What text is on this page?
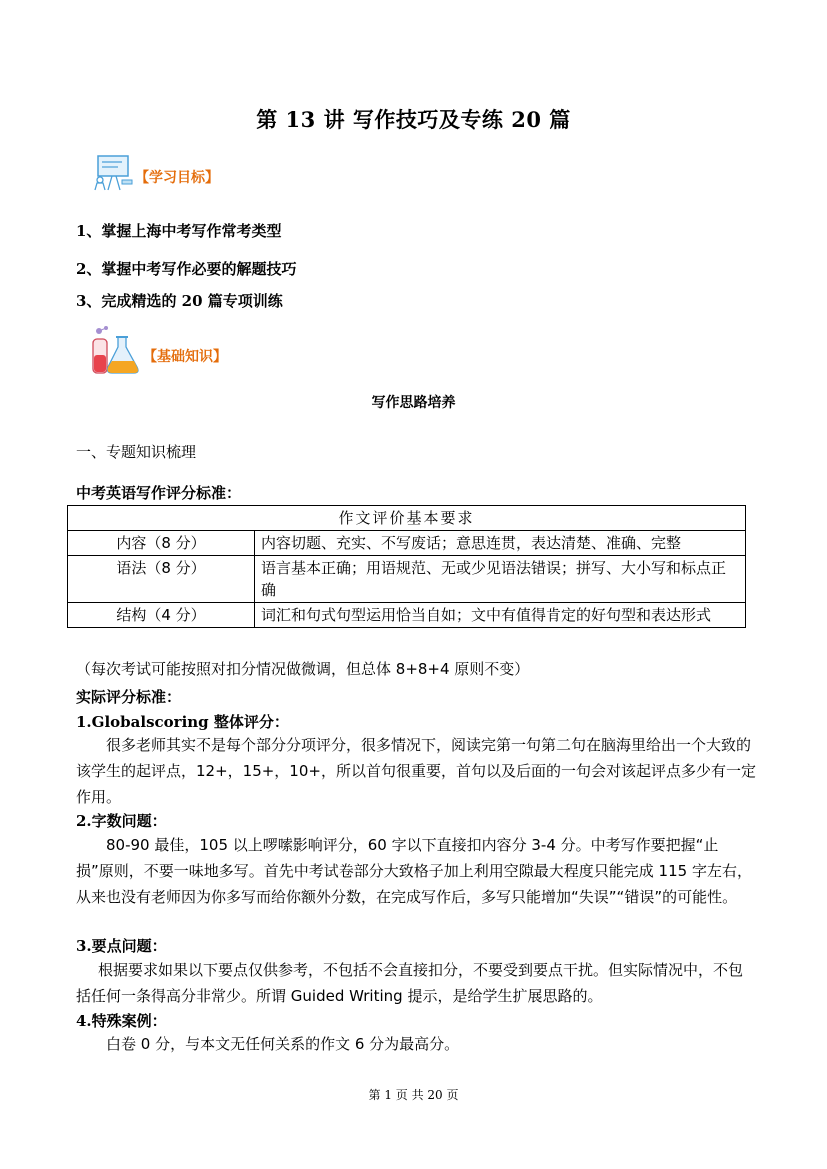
第 13 讲 写作技巧及专练 20 篇
【学习目标】
1、掌握上海中考写作常考类型
2、掌握中考写作必要的解题技巧
3、完成精选的 20 篇专项训练
【基础知识】
写作思路培养
一、专题知识梳理
中考英语写作评分标准：
作文评价基本要求	
内容（8 分）	内容切题、充实、不写废话；意思连贯，表达清楚、准确、完整
语法（8 分）	语言基本正确；用语规范、无或少见语法错误；拼写、大小写和标点正确
结构（4 分）	词汇和句式句型运用恰当自如；文中有值得肯定的好句型和表达形式
（每次考试可能按照对扣分情况做微调，但总体 8+8+4 原则不变）
实际评分标准：
1.Globalscoring 整体评分：
很多老师其实不是每个部分分项评分，很多情况下，阅读完第一句第二句在脑海里给出一个大致的该学生的起评点，12+，15+，10+，所以首句很重要，首句以及后面的一句会对该起评点多少有一定作用。
2.字数问题：
80-90 最佳，105 以上啰嗦影响评分，60 字以下直接扣内容分 3-4 分。中考写作要把握“止损”原则，不要一味地多写。首先中考试卷部分大致格子加上利用空隙最大程度只能完成 115 字左右，从来也没有老师因为你多写而给你额外分数，在完成写作后，多写只能增加“失误”“错误”的可能性。
3.要点问题：
根据要求如果以下要点仅供参考，不包括不会直接扣分，不要受到要点干扰。但实际情况中，不包括任何一条得高分非常少。所谓 Guided Writing 提示，是给学生扩展思路的。
4.特殊案例：
白卷 0 分，与本文无任何关系的作文 6 分为最高分。
第 1 页 共 20 页
